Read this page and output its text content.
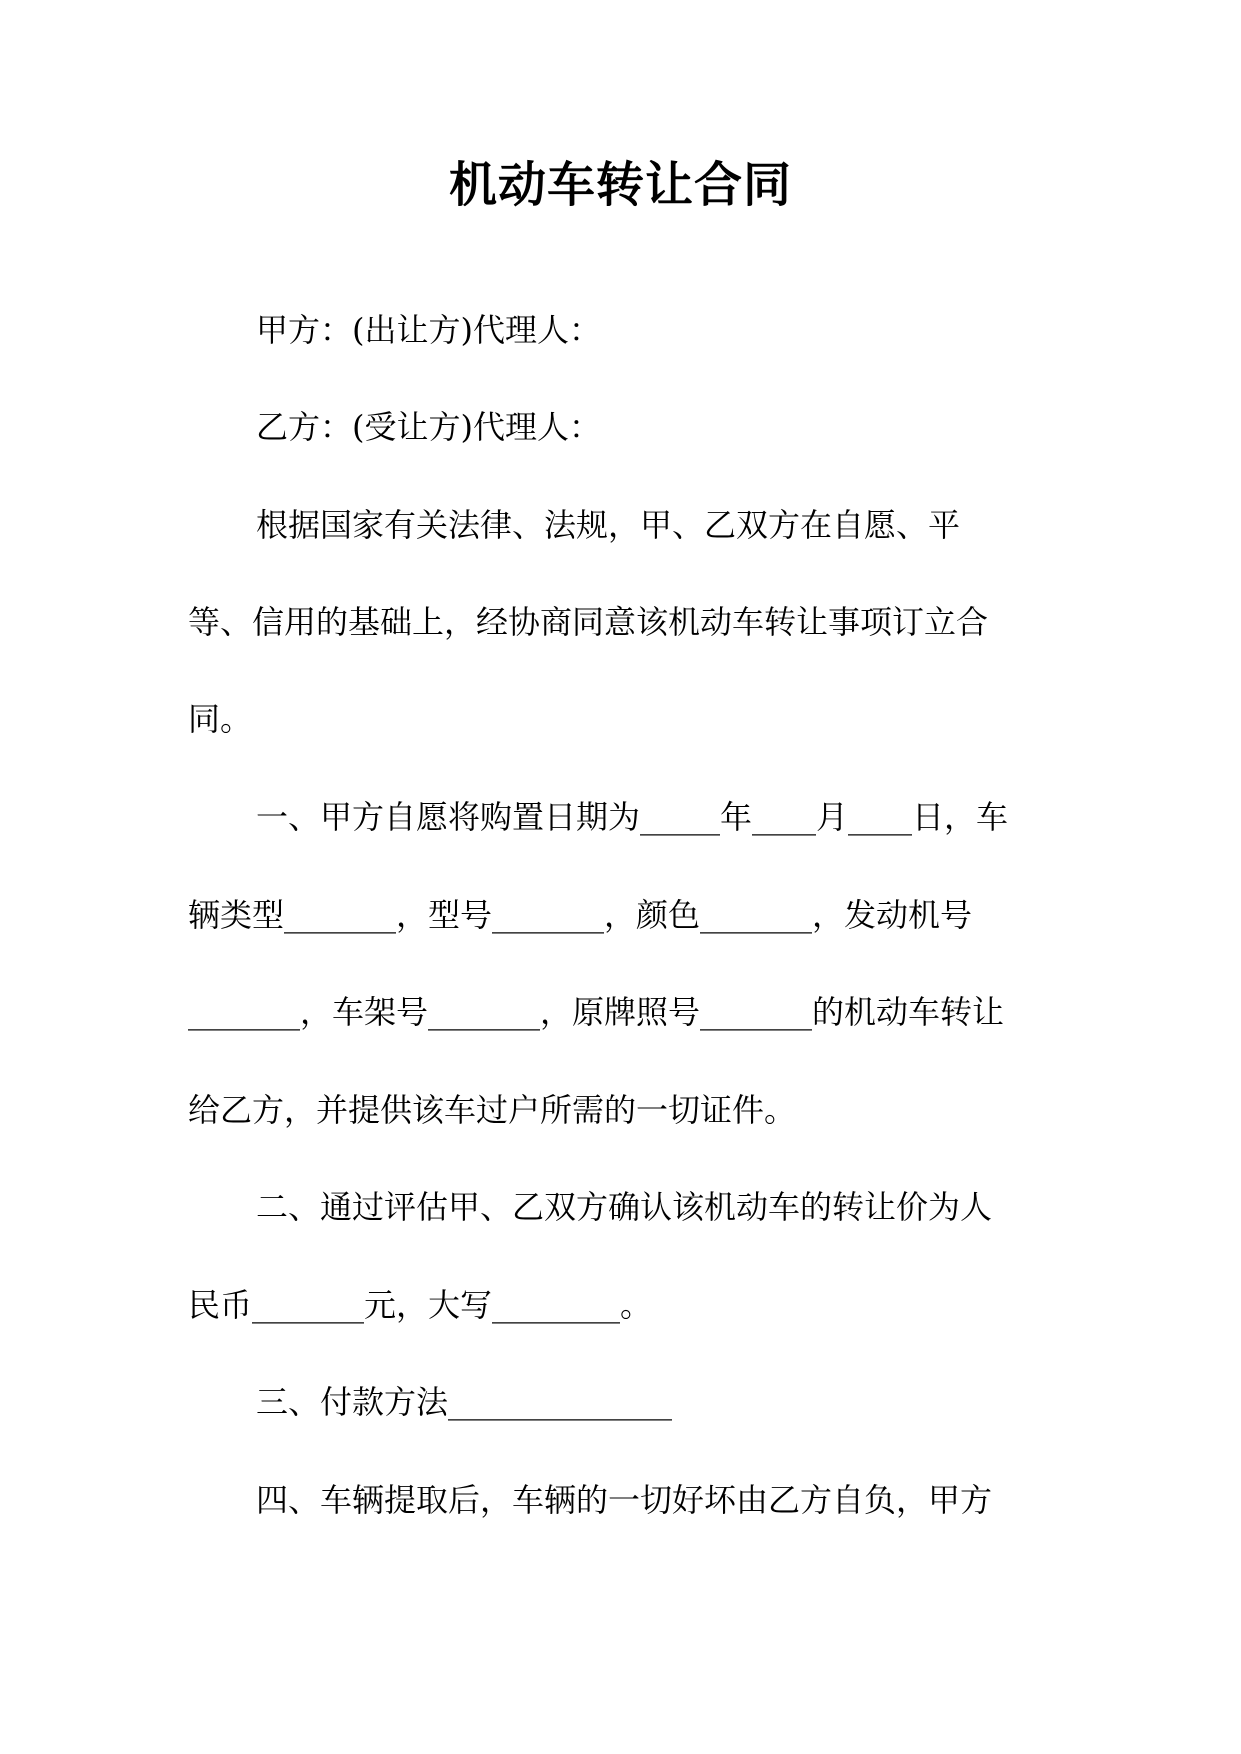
机动车转让合同

甲方：(出让方)代理人：

乙方：(受让方)代理人：

根据国家有关法律、法规，甲、乙双方在自愿、平

等、信用的基础上，经协商同意该机动车转让事项订立合

同。

一、甲方自愿将购置日期为_____年____月____日，车

辆类型_______，型号_______，颜色_______，发动机号

_______，车架号_______，原牌照号_______的机动车转让

给乙方，并提供该车过户所需的一切证件。

二、通过评估甲、乙双方确认该机动车的转让价为人

民币_______元，大写________。

三、付款方法______________

四、车辆提取后，车辆的一切好坏由乙方自负，甲方
